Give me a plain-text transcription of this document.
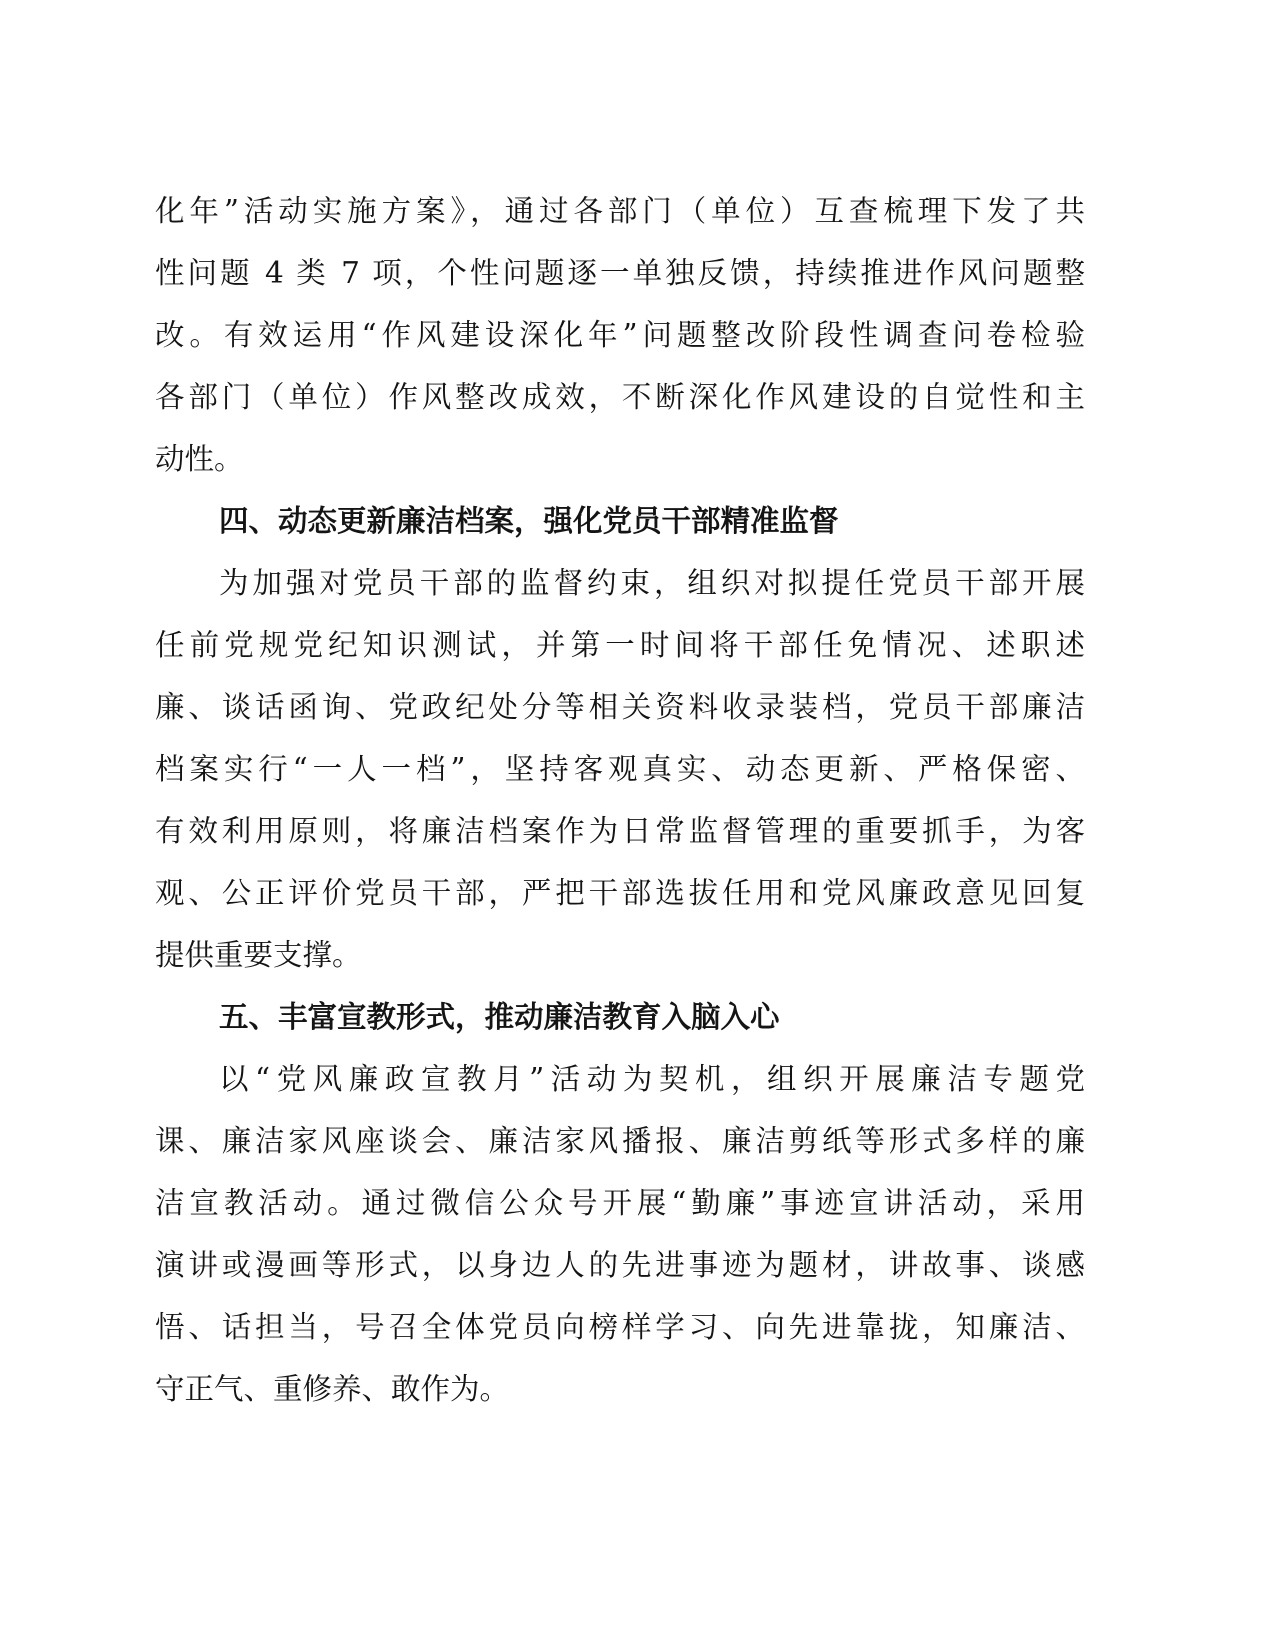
化年”活动实施方案》，通过各部门（单位）互查梳理下发了共
性问题 4 类 7 项，个性问题逐一单独反馈，持续推进作风问题整
改。有效运用“作风建设深化年”问题整改阶段性调查问卷检验
各部门（单位）作风整改成效，不断深化作风建设的自觉性和主
动性。
四、动态更新廉洁档案，强化党员干部精准监督
为加强对党员干部的监督约束，组织对拟提任党员干部开展
任前党规党纪知识测试，并第一时间将干部任免情况、述职述
廉、谈话函询、党政纪处分等相关资料收录装档，党员干部廉洁
档案实行“一人一档”，坚持客观真实、动态更新、严格保密、
有效利用原则，将廉洁档案作为日常监督管理的重要抓手，为客
观、公正评价党员干部，严把干部选拔任用和党风廉政意见回复
提供重要支撑。
五、丰富宣教形式，推动廉洁教育入脑入心
以“党风廉政宣教月”活动为契机，组织开展廉洁专题党
课、廉洁家风座谈会、廉洁家风播报、廉洁剪纸等形式多样的廉
洁宣教活动。通过微信公众号开展“勤廉”事迹宣讲活动，采用
演讲或漫画等形式，以身边人的先进事迹为题材，讲故事、谈感
悟、话担当，号召全体党员向榜样学习、向先进靠拢，知廉洁、
守正气、重修养、敢作为。
